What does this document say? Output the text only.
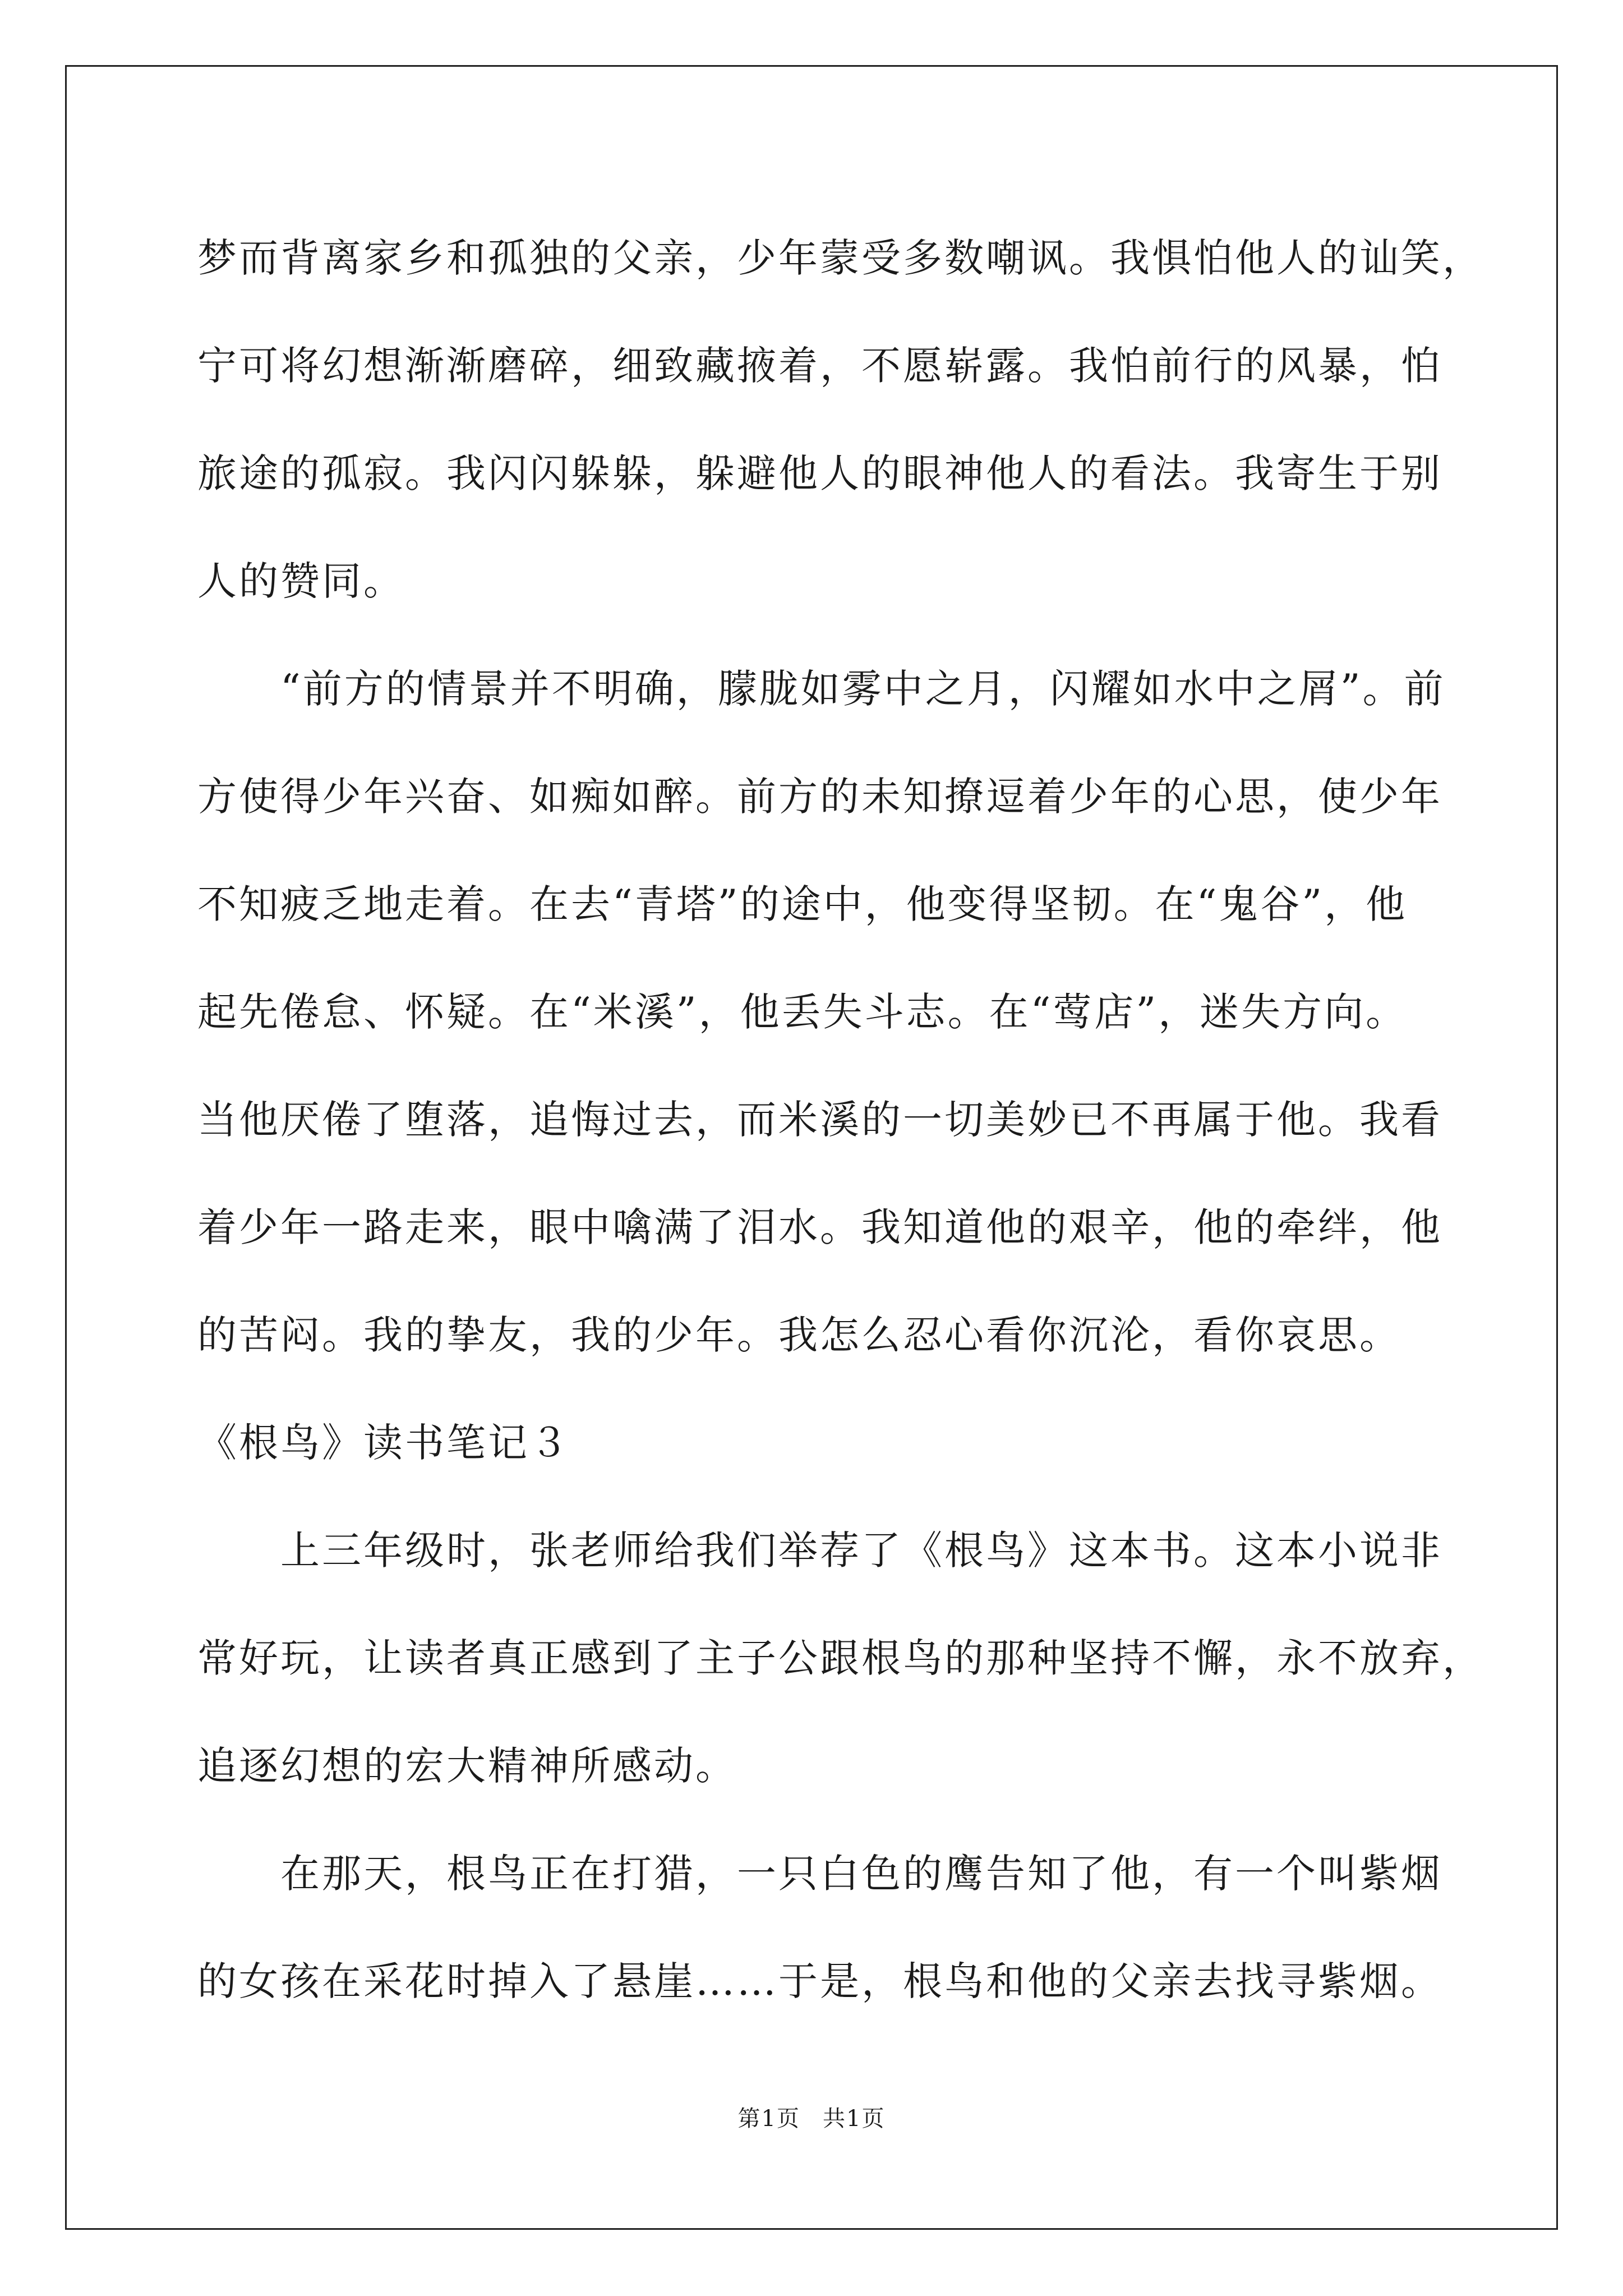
梦而背离家乡和孤独的父亲，少年蒙受多数嘲讽。我惧怕他人的讪笑，
宁可将幻想渐渐磨碎，细致藏掖着，不愿崭露。我怕前行的风暴，怕
旅途的孤寂。我闪闪躲躲，躲避他人的眼神他人的看法。我寄生于别
人的赞同。
“前方的情景并不明确，朦胧如雾中之月，闪耀如水中之屑”。前
方使得少年兴奋、如痴如醉。前方的未知撩逗着少年的心思，使少年
不知疲乏地走着。在去“青塔”的途中，他变得坚韧。在“鬼谷”，他
起先倦怠、怀疑。在“米溪”，他丢失斗志。在“莺店”，迷失方向。
当他厌倦了堕落，追悔过去，而米溪的一切美妙已不再属于他。我看
着少年一路走来，眼中噙满了泪水。我知道他的艰辛，他的牵绊，他
的苦闷。我的挚友，我的少年。我怎么忍心看你沉沦，看你哀思。
《根鸟》读书笔记３
上三年级时，张老师给我们举荐了《根鸟》这本书。这本小说非
常好玩，让读者真正感到了主子公跟根鸟的那种坚持不懈，永不放弃，
追逐幻想的宏大精神所感动。
在那天，根鸟正在打猎，一只白色的鹰告知了他，有一个叫紫烟
的女孩在采花时掉入了悬崖……于是，根鸟和他的父亲去找寻紫烟。
第1页 共1页
